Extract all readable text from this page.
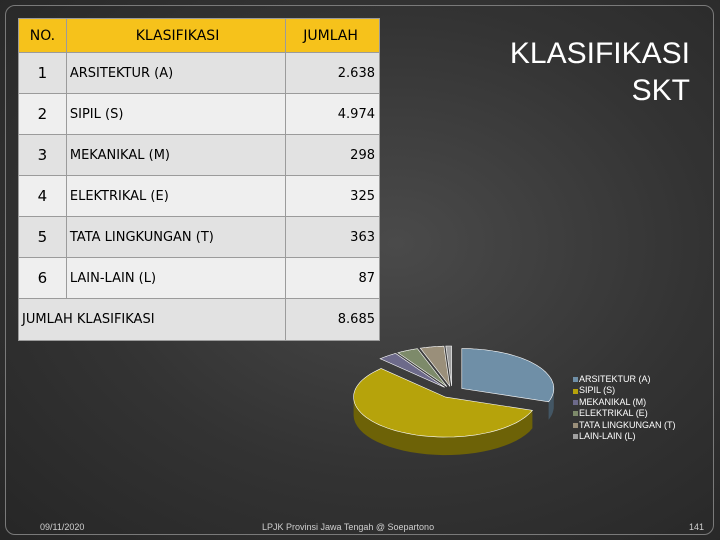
NO.	KLASIFIKASI	JUMLAH
1	ARSITEKTUR (A)	2.638
2	SIPIL (S)	4.974
3	MEKANIKAL (M)	298
4	ELEKTRIKAL (E)	325
5	TATA LINGKUNGAN (T)	363
6	LAIN-LAIN (L)	87
JUMLAH KLASIFIKASI		8.685
KLASIFIKASI
SKT
ARSITEKTUR (A)
SIPIL (S)
MEKANIKAL (M)
ELEKTRIKAL (E)
TATA LINGKUNGAN (T)
LAIN-LAIN (L)
09/11/2020	LPJK Provinsi Jawa Tengah @ Soepartono	141
